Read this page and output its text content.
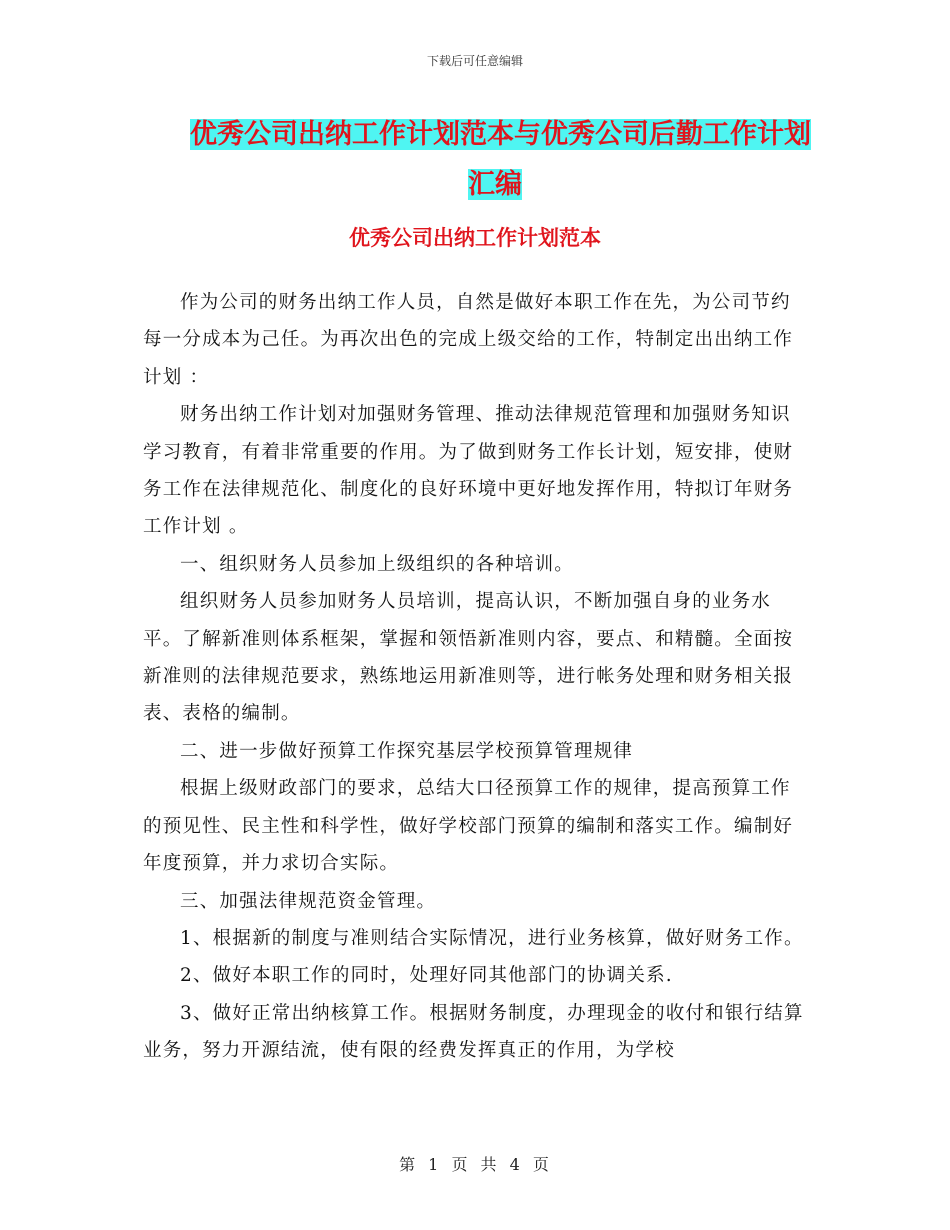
下载后可任意编辑
优秀公司出纳工作计划范本与优秀公司后勤工作计划
汇编
优秀公司出纳工作计划范本

作为公司的财务出纳工作人员，自然是做好本职工作在先，为公司节约每一分成本为己任。为再次出色的完成上级交给的工作，特制定出出纳工作计划 ：

财务出纳工作计划对加强财务管理、推动法律规范管理和加强财务知识学习教育，有着非常重要的作用。为了做到财务工作长计划，短安排，使财务工作在法律规范化、制度化的良好环境中更好地发挥作用，特拟订年财务工作计划 。

一、组织财务人员参加上级组织的各种培训。

组织财务人员参加财务人员培训，提高认识，不断加强自身的业务水平。了解新准则体系框架，掌握和领悟新准则内容，要点、和精髓。全面按新准则的法律规范要求，熟练地运用新准则等，进行帐务处理和财务相关报表、表格的编制。

二、进一步做好预算工作探究基层学校预算管理规律

根据上级财政部门的要求，总结大口径预算工作的规律，提高预算工作的预见性、民主性和科学性，做好学校部门预算的编制和落实工作。编制好年度预算，并力求切合实际。

三、加强法律规范资金管理。

1、根据新的制度与准则结合实际情况，进行业务核算，做好财务工作。

2、做好本职工作的同时，处理好同其他部门的协调关系.

3、做好正常出纳核算工作。根据财务制度，办理现金的收付和银行结算业务，努力开源结流，使有限的经费发挥真正的作用，为学校

第 1 页 共 4 页
